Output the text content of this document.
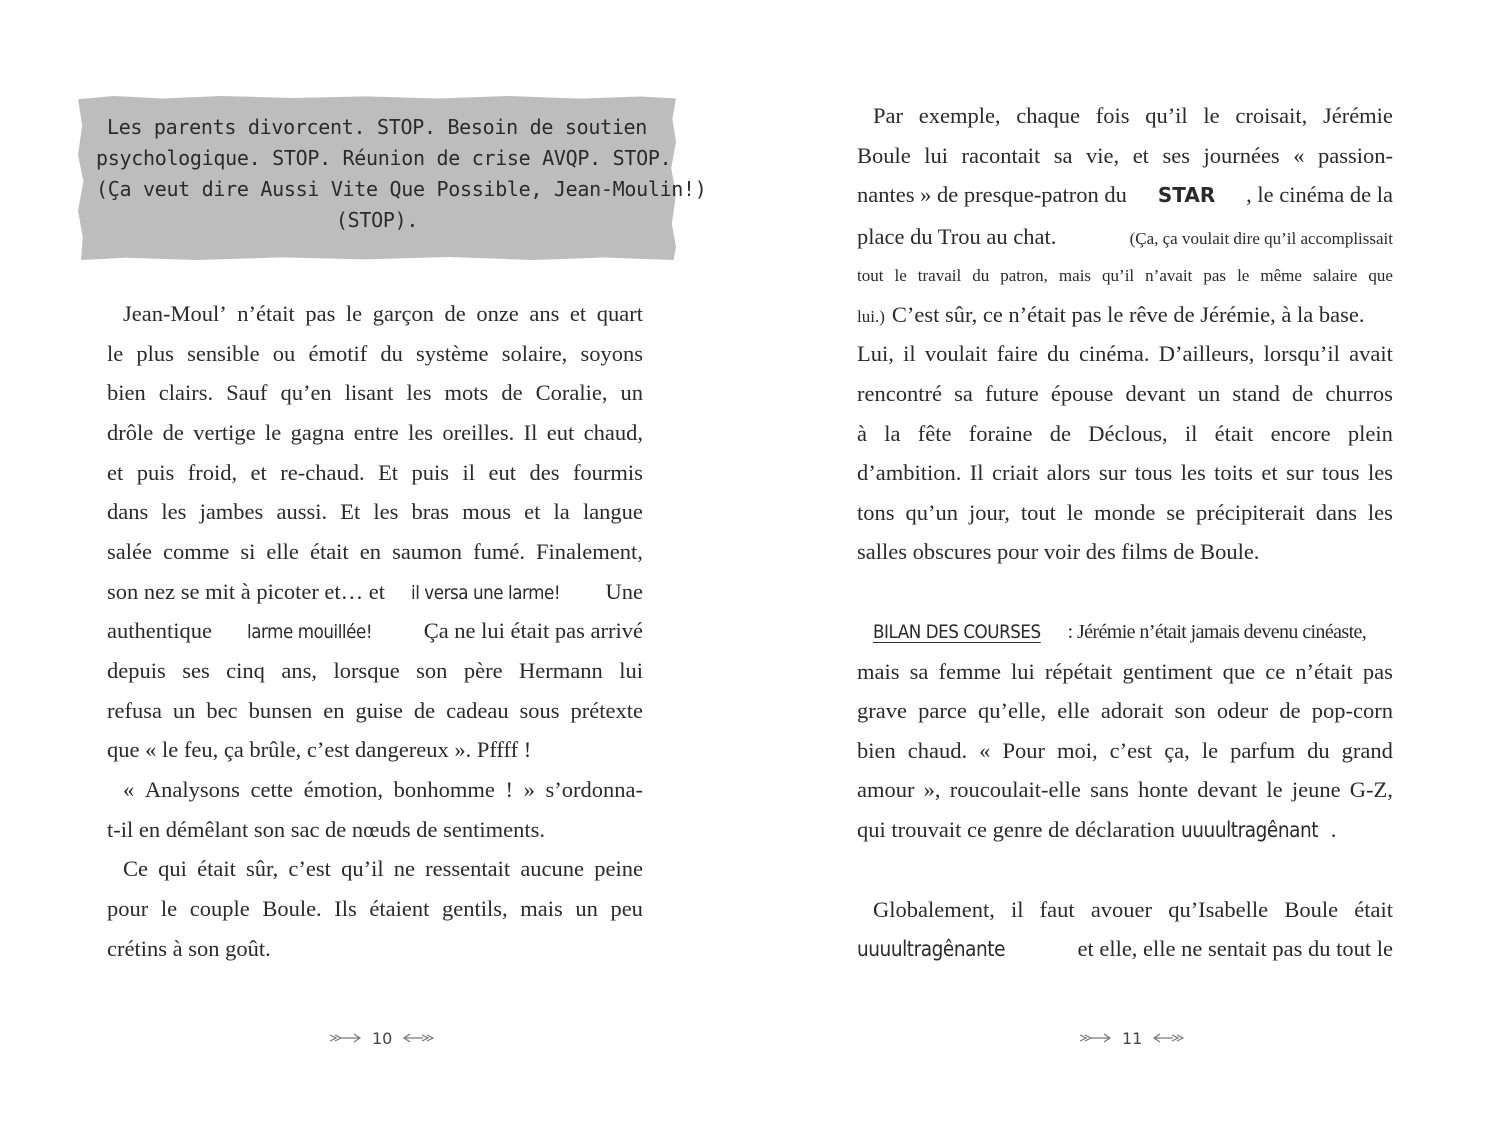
Les parents divorcent. STOP. Besoin de soutien
psychologique. STOP. Réunion de crise AVQP. STOP.
(Ça veut dire Aussi Vite Que Possible, Jean-Moulin!)
(STOP).
Jean-Moul’ n’était pas le garçon de onze ans et quart
le plus sensible ou émotif du système solaire, soyons
bien clairs. Sauf qu’en lisant les mots de Coralie, un
drôle de vertige le gagna entre les oreilles. Il eut chaud,
et puis froid, et re-chaud. Et puis il eut des fourmis
dans les jambes aussi. Et les bras mous et la langue
salée comme si elle était en saumon fumé. Finalement,
son nez se mit à picoter et… et il versa une larme! Une
authentique larme mouillée! Ça ne lui était pas arrivé
depuis ses cinq ans, lorsque son père Hermann lui
refusa un bec bunsen en guise de cadeau sous prétexte
que « le feu, ça brûle, c’est dangereux ». Pffff !
« Analysons cette émotion, bonhomme ! » s’ordonna-
t-il en démêlant son sac de nœuds de sentiments.
Ce qui était sûr, c’est qu’il ne ressentait aucune peine
pour le couple Boule. Ils étaient gentils, mais un peu
crétins à son goût.
10
Par exemple, chaque fois qu’il le croisait, Jérémie
Boule lui racontait sa vie, et ses journées « passion-
nantes » de presque-patron du STAR , le cinéma de la
place du Trou au chat.	(Ça, ça voulait dire qu’il accomplissait
tout le travail du patron, mais qu’il n’avait pas le même salaire que
lui.) C’est sûr, ce n’était pas le rêve de Jérémie, à la base.
Lui, il voulait faire du cinéma. D’ailleurs, lorsqu’il avait
rencontré sa future épouse devant un stand de churros
à la fête foraine de Déclous, il était encore plein
d’ambition. Il criait alors sur tous les toits et sur tous les
tons qu’un jour, tout le monde se précipiterait dans les
salles obscures pour voir des films de Boule.
BILAN DES COURSES : Jérémie n’était jamais devenu cinéaste,
mais sa femme lui répétait gentiment que ce n’était pas
grave parce qu’elle, elle adorait son odeur de pop-corn
bien chaud. « Pour moi, c’est ça, le parfum du grand
amour », roucoulait-elle sans honte devant le jeune G-Z,
qui trouvait ce genre de déclaration uuuultragênant .
Globalement, il faut avouer qu’Isabelle Boule était
uuuultragênante	et elle, elle ne sentait pas du tout le
11
